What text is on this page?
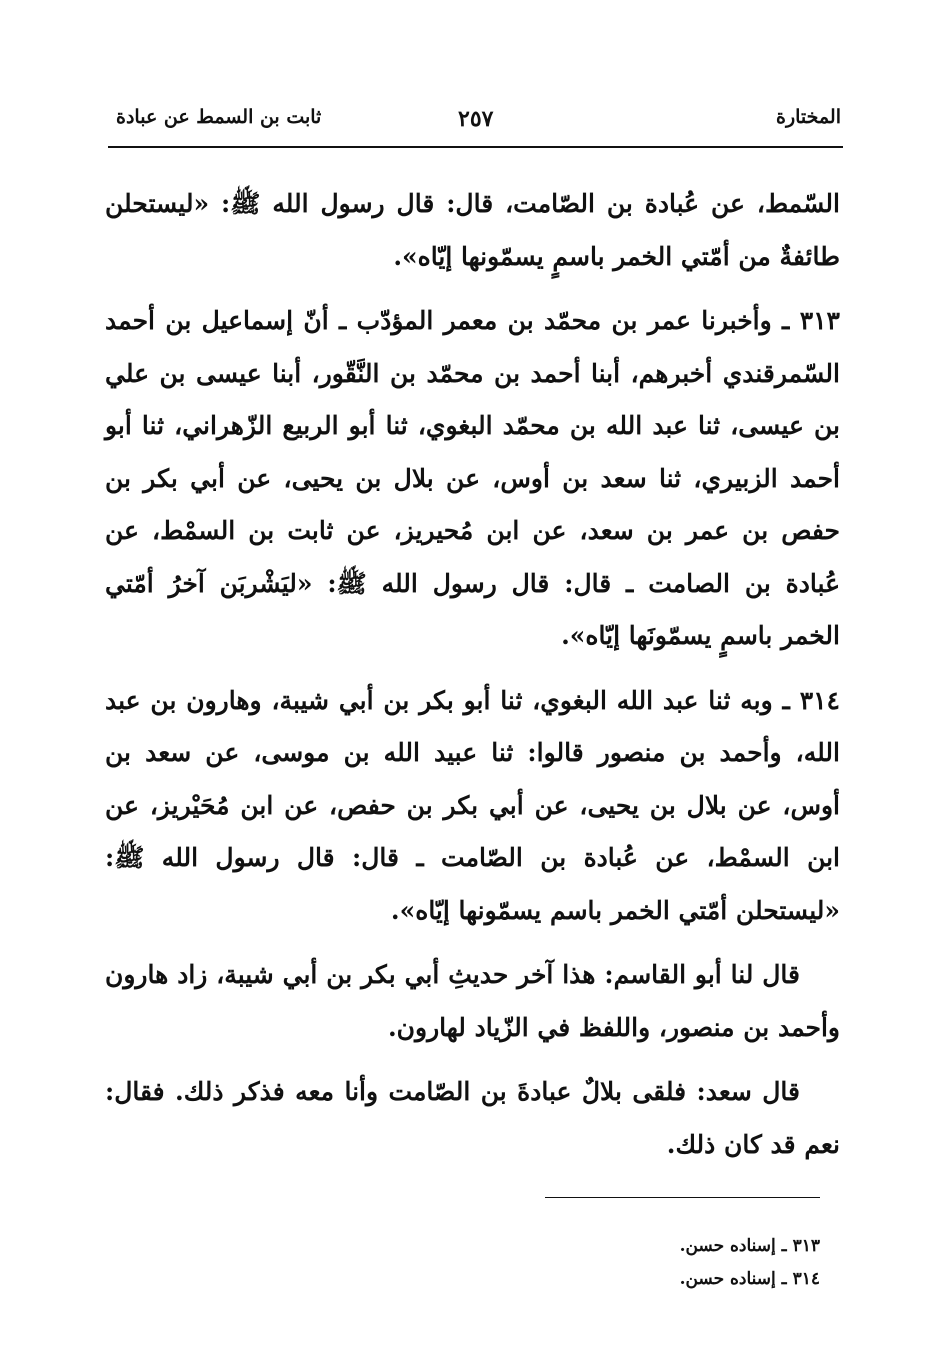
المختارة
٢٥٧
ثابت بن السمط عن عبادة

السّمط، عن عُبادة بن الصّامت، قال: قال رسول الله ﷺ: «ليستحلن طائفةٌ من أمّتي الخمر باسمٍ يسمّونها إيّاه».

٣١٣ ـ وأخبرنا عمر بن محمّد بن معمر المؤدّب ـ أنّ إسماعيل بن أحمد السّمرقندي أخبرهم، أبنا أحمد بن محمّد بن النَّقّور، أبنا عيسى بن علي بن عيسى، ثنا عبد الله بن محمّد البغوي، ثنا أبو الربيع الزّهراني، ثنا أبو أحمد الزبيري، ثنا سعد بن أوس، عن بلال بن يحيى، عن أبي بكر بن حفص بن عمر بن سعد، عن ابن مُحيريز، عن ثابت بن السمْط، عن عُبادة بن الصامت ـ قال: قال رسول الله ﷺ: «ليَشْربَن آخرُ أمّتي الخمر باسمٍ يسمّونَها إيّاه».

٣١٤ ـ وبه ثنا عبد الله البغوي، ثنا أبو بكر بن أبي شيبة، وهارون بن عبد الله، وأحمد بن منصور قالوا: ثنا عبيد الله بن موسى، عن سعد بن أوس، عن بلال بن يحيى، عن أبي بكر بن حفص، عن ابن مُحَيْريز، عن ابن السمْط، عن عُبادة بن الصّامت ـ قال: قال رسول الله ﷺ: «ليستحلن أمّتي الخمر باسم يسمّونها إيّاه».

قال لنا أبو القاسم: هذا آخر حديثِ أبي بكر بن أبي شيبة، زاد هارون وأحمد بن منصور، واللفظ في الزّياد لهارون.

قال سعد: فلقى بلالٌ عبادةَ بن الصّامت وأنا معه فذكر ذلك. فقال: نعم قد كان ذلك.

٣١٣ ـ إسناده حسن.
٣١٤ ـ إسناده حسن.
